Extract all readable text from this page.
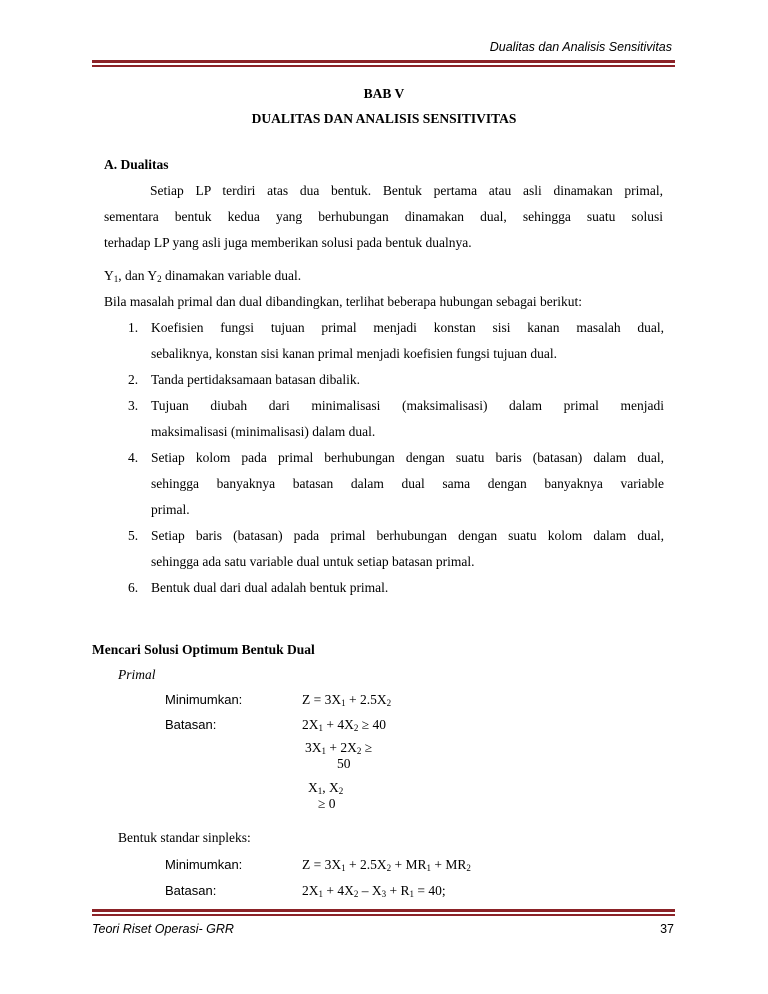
Dualitas dan Analisis Sensitivitas
BAB V
DUALITAS DAN ANALISIS SENSITIVITAS
A. Dualitas
Setiap LP terdiri atas dua bentuk. Bentuk pertama atau asli dinamakan primal,
sementara bentuk kedua yang berhubungan dinamakan dual, sehingga suatu solusi
terhadap LP yang asli juga memberikan solusi pada bentuk dualnya.
$Y_1$, dan $Y_2$ dinamakan variable dual.
Bila masalah primal dan dual dibandingkan, terlihat beberapa hubungan sebagai berikut:
1. Koefisien fungsi tujuan primal menjadi konstan sisi kanan masalah dual,
sebaliknya, konstan sisi kanan primal menjadi koefisien fungsi tujuan dual.
2. Tanda pertidaksamaan batasan dibalik.
3. Tujuan diubah dari minimalisasi (maksimalisasi) dalam primal menjadi
maksimalisasi (minimalisasi) dalam dual.
4. Setiap kolom pada primal berhubungan dengan suatu baris (batasan) dalam dual,
sehingga banyaknya batasan dalam dual sama dengan banyaknya variable
primal.
5. Setiap baris (batasan) pada primal berhubungan dengan suatu kolom dalam dual,
sehingga ada satu variable dual untuk setiap batasan primal.
6. Bentuk dual dari dual adalah bentuk primal.
Mencari Solusi Optimum Bentuk Dual
Primal
Minimumkan:	$Z = 3X_1 + 2.5X_2$
Batasan:	$2X_1 + 4X_2 \ge 40$
$3X_1 + 2X_2$ ≥
50
$X_1$, $X_2$
≥ 0
Bentuk standar sinpleks:
Minimumkan:	$Z = 3X_1 + 2.5X_2 + MR_1 + MR_2$
Batasan:	$2X_1 + 4X_2 - X_3 + R_1 = 40$;
Teori Riset Operasi- GRR	37
